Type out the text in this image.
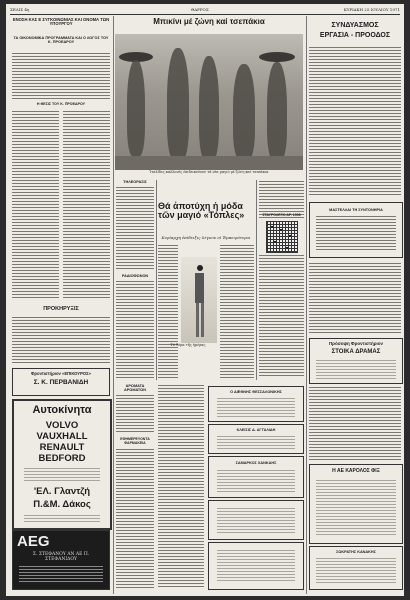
ΣΕΛΙΣ 4η	ΘΑΡΡΟΣ	ΚΥΡΙΑΚΗ 25 ΙΟΥΛΙΟΥ 1971
ΕΝΟΣΗ ΚΑΣ Ε ΣΥΓΚΟΙΝΩΝΙΑΣ ΚΑΙ ΟΝΟΜΑ ΤΩΝ ΥΠΟΥΡΓΟΥ
ΤΑ ΟΙΚΟΝΟΜΙΚΑ ΠΡΟΓΡΑΜΜΑΤΑ ΚΑΙ Ο ΛΟΓΟΣ ΤΟΥ Κ. ΠΡΟΕΔΡΟΥ
Η ΘΕΣΙΣ ΤΟΥ Κ. ΠΡΟΕΔΡΟΥ
ΠΡΟΚΗΡΥΞΙΣ
Φροντιστήριον «ΕΠΙΚΟΥΡΟΣ»
Σ. Κ. ΠΕΡΒΑΝΙΔΗ
Αυτοκίνητα
VOLVO
VAUXHALL
RENAULT
BEDFORD
'ΕΛ. Γλαντζή
Π.&Μ. Δάκος
AEG
Σ. ΣΤΕΦΑΝΟΥ ΑΝ ΑΕ Π. ΣΤΕΦΑΝΙΔΟΥ
Μπικίνι μέ ζώνη καί τσεπάκια
Ἰταλίδες καλλονές ἐπιδεικνύουν τά νέα μαγιό μέ ζώνη καί τσεπάκια
ΤΗΛΕΟΡΑΣΙΣ
ΡΑΔΙΟΦΩΝΟΝ
Θά ἀποτύχη ἡ μόδα τῶν μαγιό «Τόπλες»
Κυρίαρχη ἐπίδειξις λέγουν οἱ Ἐμπειρότεροι
Τό θέμα τῆς ἡμέρας
ΣΤΑΥΡΟΛΕΞΟ ΑΡ. 1008
ΑΡΩΜΑΤΑ ΑΡΩΜΑΤΩΝ
ΕΦΗΜΕΡΕΥΟΝΤΑ ΦΑΡΜΑΚΕΙΑ
Ο ΔΙΕΘΝΗΣ ΘΕΣΣΑΛΟΝΙΚΗΣ
ΚΛΕΙΣΙΣ Δ. ΑΓΓΑΛΙΔΗ
ΣΑΜΑΡΚΟΣ ΧΑΝΚΑΗΣ
ΣΥΝΔΥΑΣΜΟΣ
ΕΡΓΑΣΙΑ - ΠΡΟΟΔΟΣ
ΜΑΣΤΕΛΛΑΙ ΤΗ ΣΥΝΤΟΝΗΡΙΑ
Πρόσοψη Φροντιστήριον
ΣΤΟΙΚΑ ΔΡΑΜΑΣ
Η ΑΕ ΚΑΡΟΛΟΣ ΦΙΞ
ΣΩΚΡΑΤΗΣ ΚΑΝΑΚΗΣ
